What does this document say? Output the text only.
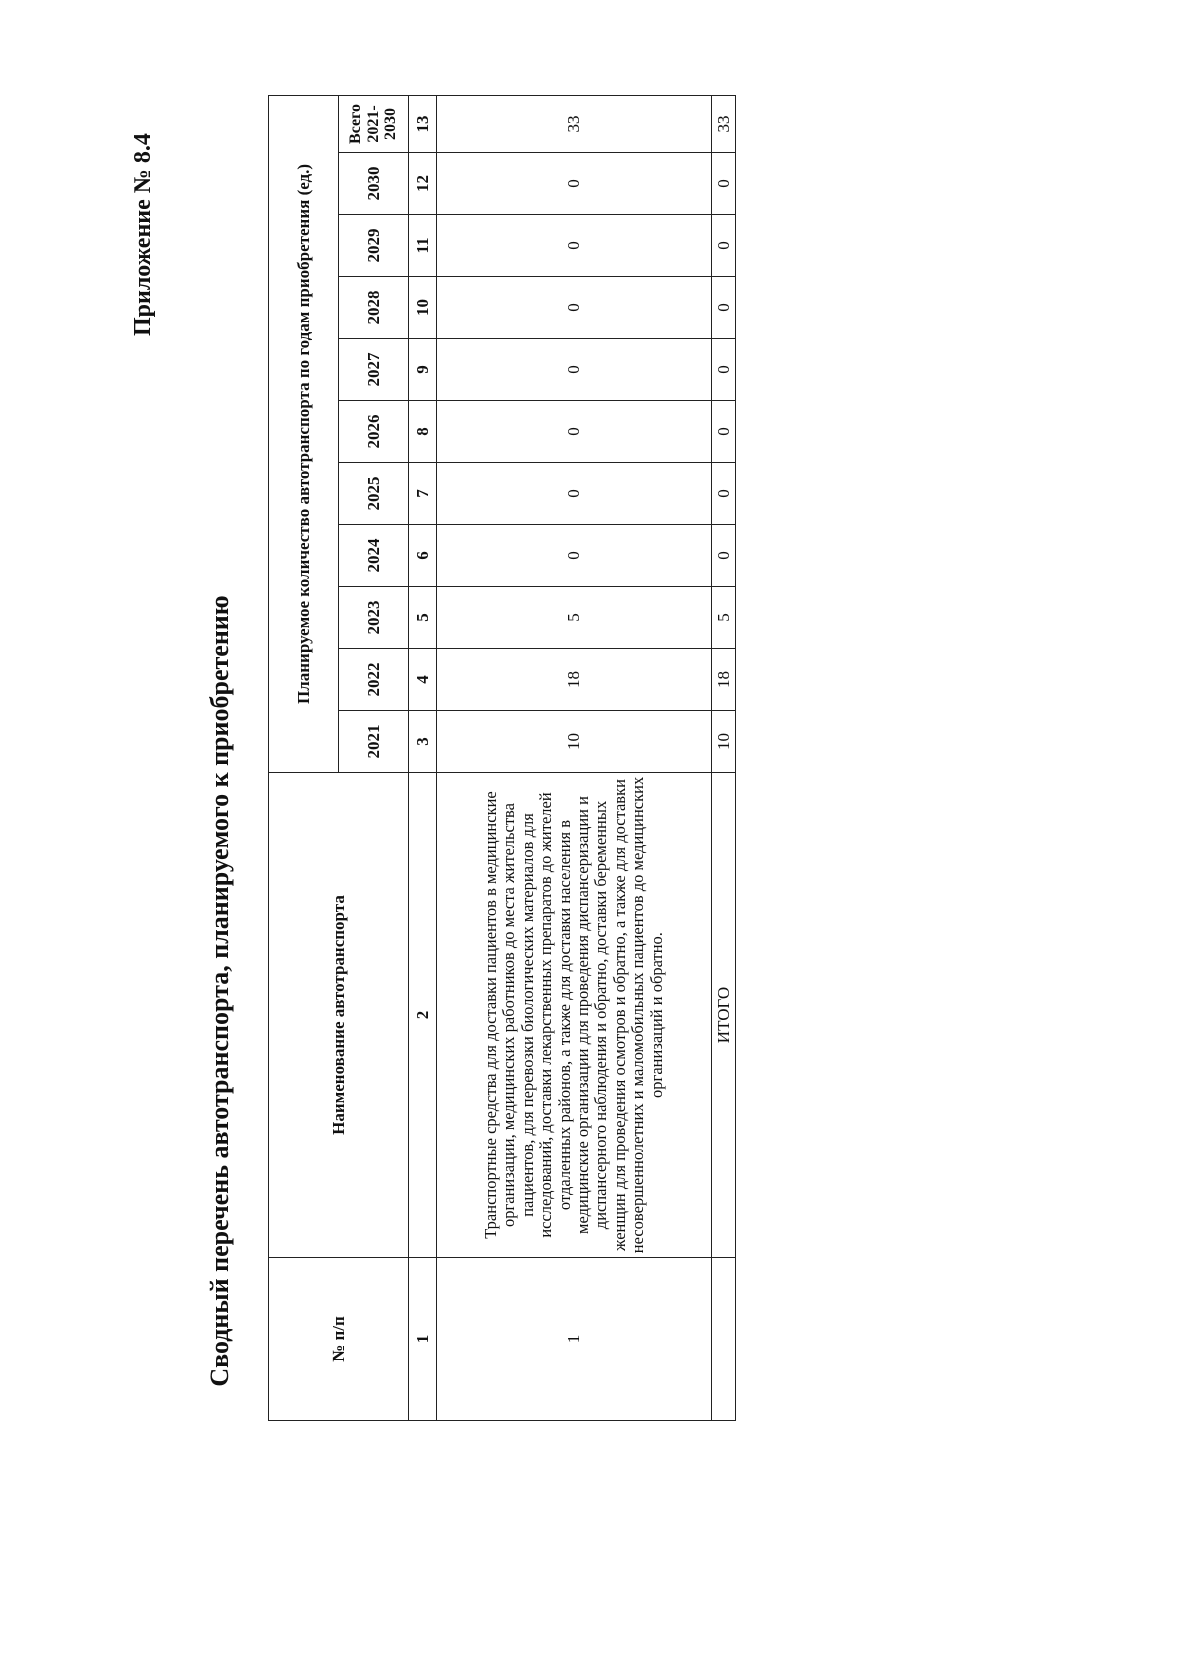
Приложение № 8.4
Сводный перечень автотранспорта, планируемого к приобретению	№ п/п	Наименование автотранспорта	Планируемое количество автотранспорта по годам приобретения (ед.)										
		2021	2022	2023	2024	2025	2026	2027	2028	2029	2030	Всего 2021-2030
1	2	3	4	5	6	7	8	9	10	11	12	13
1	Транспортные средства для доставки пациентов в медицинские организации, медицинских работников до места жительства пациентов, для перевозки биологических материалов для исследований, доставки лекарственных препаратов до жителей отдаленных районов, а также для доставки населения в медицинские организации для проведения диспансеризации и диспансерного наблюдения и обратно, доставки беременных женщин для проведения осмотров и обратно, а также для доставки несовершеннолетних и маломобильных пациентов до медицинских организаций и обратно.	10	18	5	0	0	0	0	0	0	0	33
	ИТОГО	10	18	5	0	0	0	0	0	0	0	33
